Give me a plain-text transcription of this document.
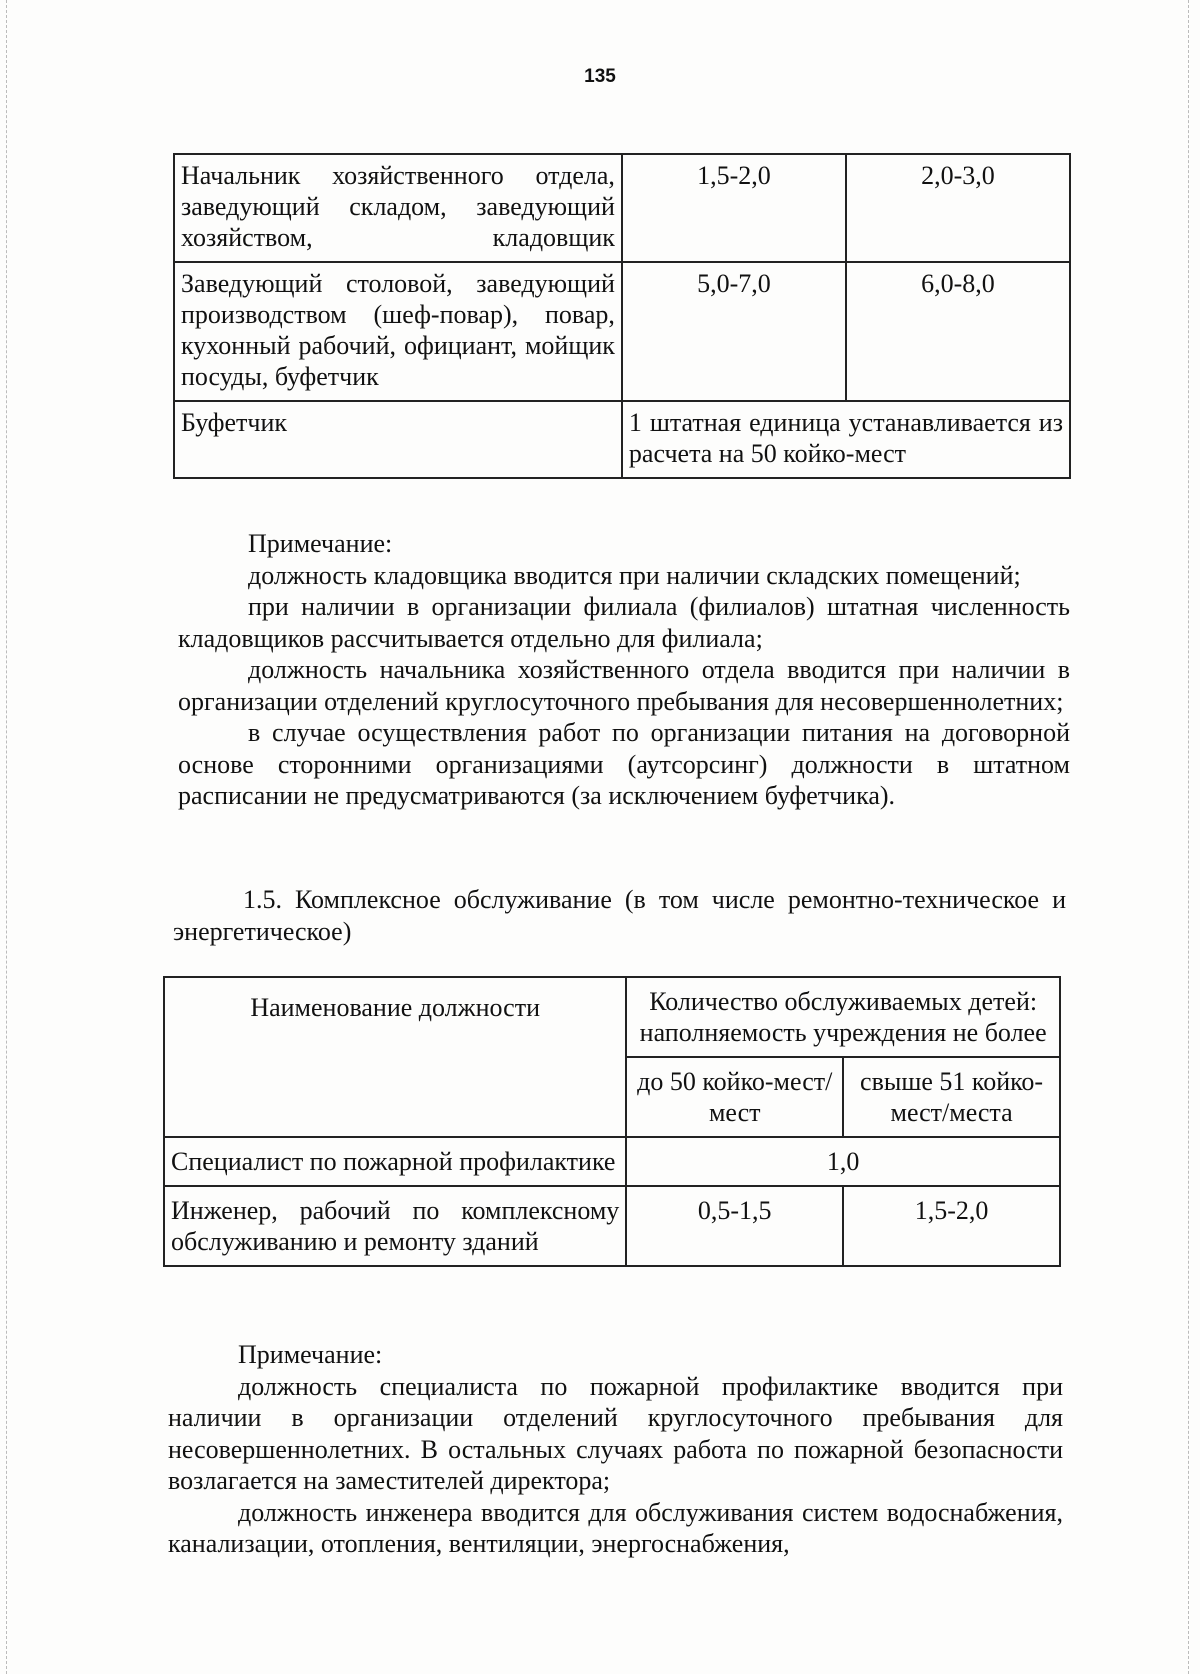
135
Начальник хозяйственного отдела, заведующий складом, заведующий хозяйством, кладовщик	1,5-2,0	2,0-3,0
Заведующий столовой, заведующий производством (шеф-повар), повар, кухонный рабочий, официант, мойщик посуды, буфетчик	5,0-7,0	6,0-8,0
Буфетчик	1 штатная единица устанавливается из расчета на 50 койко-мест	

Примечание:

должность кладовщика вводится при наличии складских помещений;

при наличии в организации филиала (филиалов) штатная численность кладовщиков рассчитывается отдельно для филиала;

должность начальника хозяйственного отдела вводится при наличии в организации отделений круглосуточного пребывания для несовершеннолетних;

в случае осуществления работ по организации питания на договорной основе сторонними организациями (аутсорсинг) должности в штатном расписании не предусматриваются (за исключением буфетчика).

1.5. Комплексное обслуживание (в том числе ремонтно-техническое и энергетическое)
Наименование должности	Количество обслуживаемых детей: наполняемость учреждения не более	
	до 50 койко-мест/мест	свыше 51 койко-мест/места
Специалист по пожарной профилактике	1,0	
Инженер, рабочий по комплексному обслуживанию и ремонту зданий	0,5-1,5	1,5-2,0

Примечание:

должность специалиста по пожарной профилактике вводится при наличии в организации отделений круглосуточного пребывания для несовершеннолетних. В остальных случаях работа по пожарной безопасности возлагается на заместителей директора;

должность инженера вводится для обслуживания систем водоснабжения, канализации, отопления, вентиляции, энергоснабжения,
